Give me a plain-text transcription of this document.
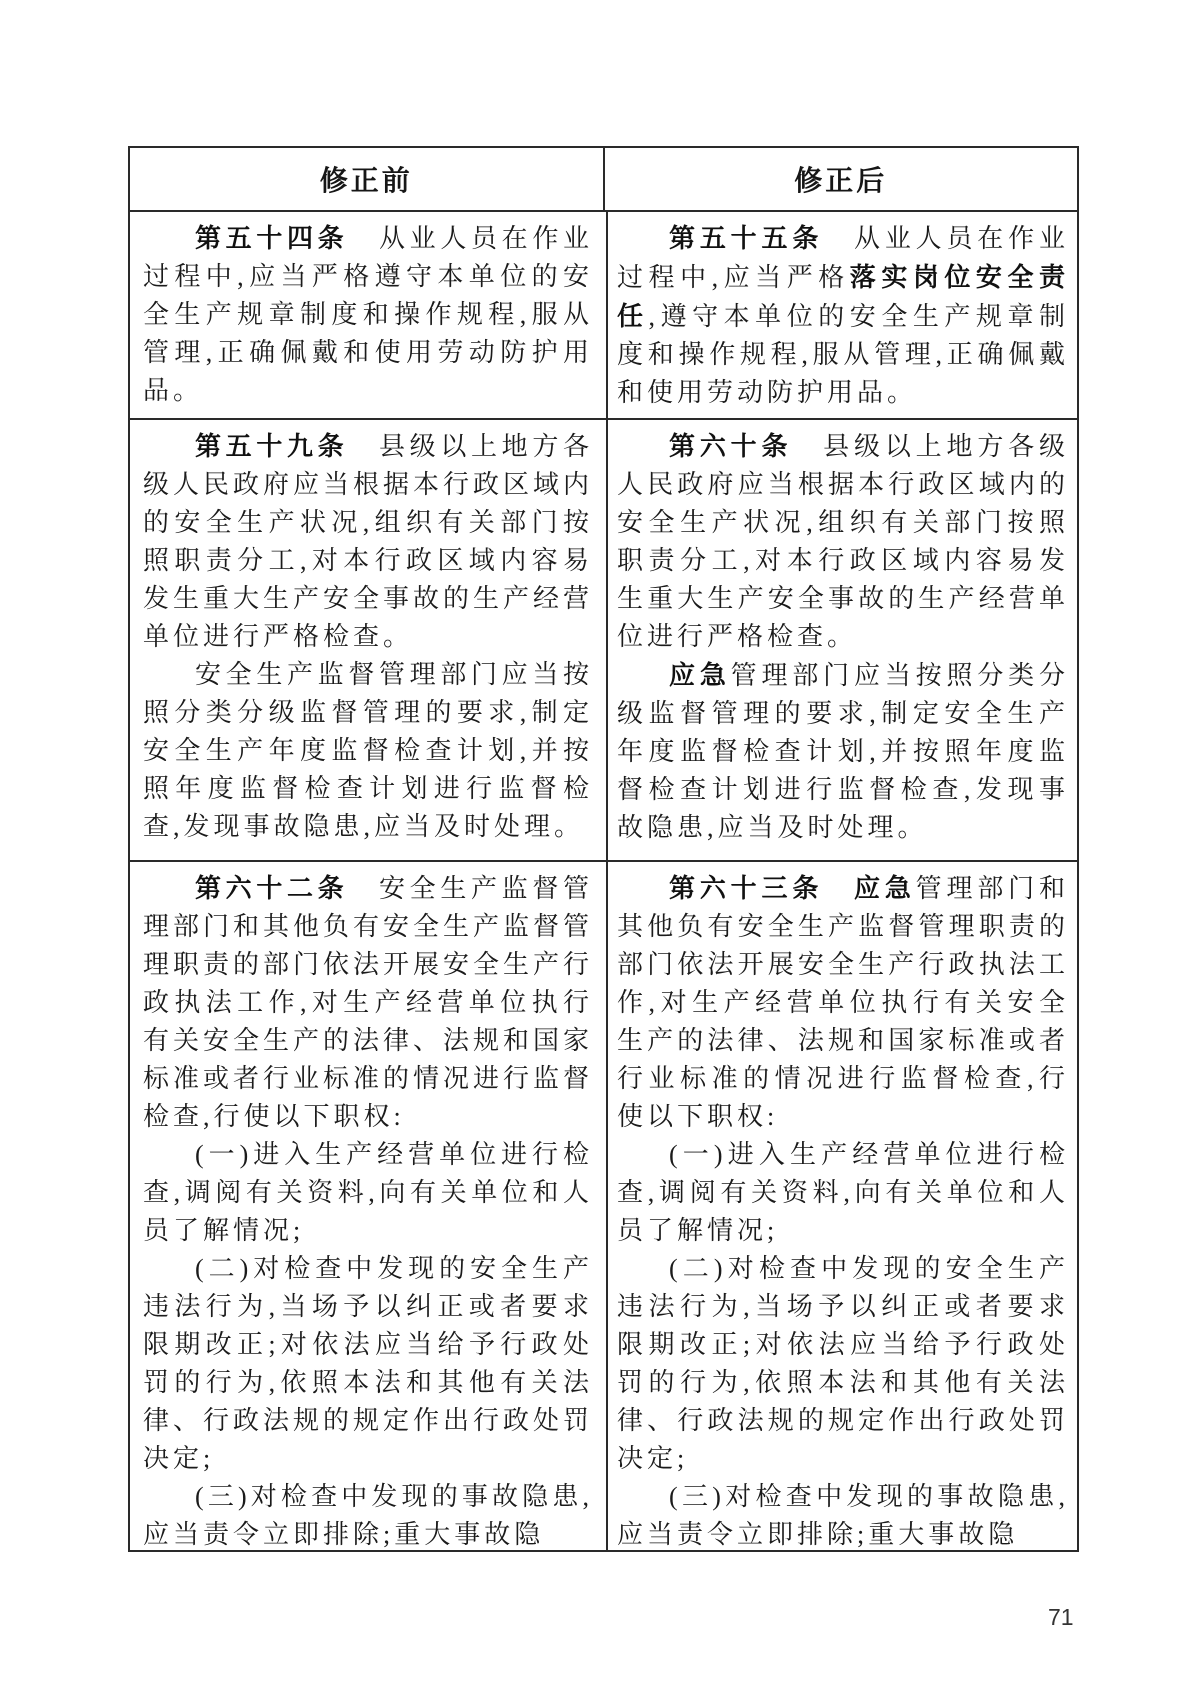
修正前	修正后

第五十四条　从业人员在作业过程中,应当严格遵守本单位的安全生产规章制度和操作规程,服从管理,正确佩戴和使用劳动防护用品。

第五十五条　从业人员在作业过程中,应当严格落实岗位安全责任,遵守本单位的安全生产规章制度和操作规程,服从管理,正确佩戴和使用劳动防护用品。

第五十九条　县级以上地方各级人民政府应当根据本行政区域内的安全生产状况,组织有关部门按照职责分工,对本行政区域内容易发生重大生产安全事故的生产经营单位进行严格检查。

安全生产监督管理部门应当按照分类分级监督管理的要求,制定安全生产年度监督检查计划,并按照年度监督检查计划进行监督检查,发现事故隐患,应当及时处理。

第六十条　县级以上地方各级人民政府应当根据本行政区域内的安全生产状况,组织有关部门按照职责分工,对本行政区域内容易发生重大生产安全事故的生产经营单位进行严格检查。

应急管理部门应当按照分类分级监督管理的要求,制定安全生产年度监督检查计划,并按照年度监督检查计划进行监督检查,发现事故隐患,应当及时处理。

第六十二条　安全生产监督管理部门和其他负有安全生产监督管理职责的部门依法开展安全生产行政执法工作,对生产经营单位执行有关安全生产的法律、法规和国家标准或者行业标准的情况进行监督检查,行使以下职权:

(一)进入生产经营单位进行检查,调阅有关资料,向有关单位和人员了解情况;

(二)对检查中发现的安全生产违法行为,当场予以纠正或者要求限期改正;对依法应当给予行政处罚的行为,依照本法和其他有关法律、行政法规的规定作出行政处罚决定;

(三)对检查中发现的事故隐患,应当责令立即排除;重大事故隐

第六十三条　 应急管理部门和其他负有安全生产监督管理职责的部门依法开展安全生产行政执法工作,对生产经营单位执行有关安全生产的法律、法规和国家标准或者行业标准的情况进行监督检查,行使以下职权:

(一)进入生产经营单位进行检查,调阅有关资料,向有关单位和人员了解情况;

(二)对检查中发现的安全生产违法行为,当场予以纠正或者要求限期改正;对依法应当给予行政处罚的行为,依照本法和其他有关法律、行政法规的规定作出行政处罚决定;

(三)对检查中发现的事故隐患,应当责令立即排除;重大事故隐

71
